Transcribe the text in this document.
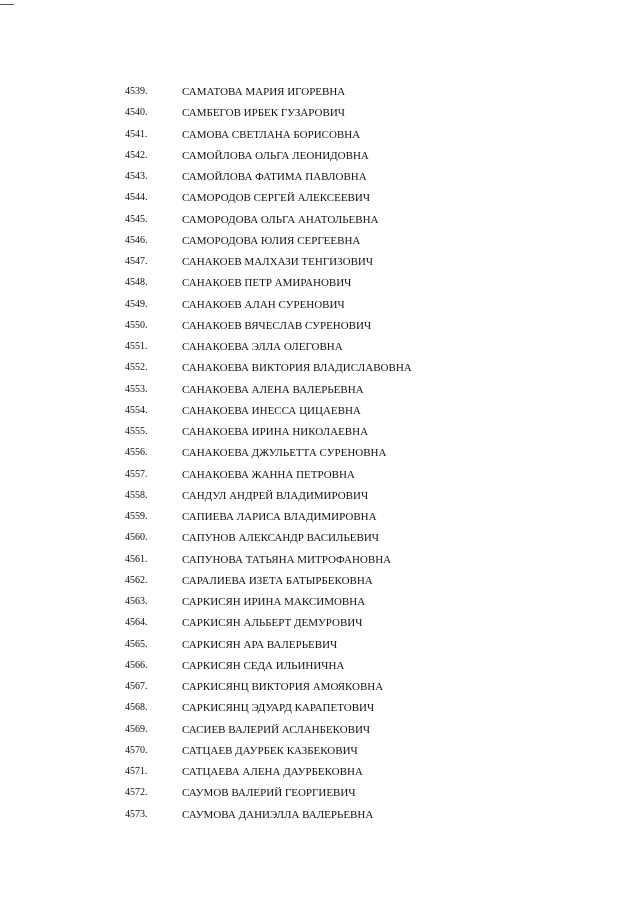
4539.	САМАТОВА МАРИЯ ИГОРЕВНА
4540.	САМБЕГОВ ИРБЕК ГУЗАРОВИЧ
4541.	САМОВА СВЕТЛАНА БОРИСОВНА
4542.	САМОЙЛОВА ОЛЬГА ЛЕОНИДОВНА
4543.	САМОЙЛОВА ФАТИМА ПАВЛОВНА
4544.	САМОРОДОВ СЕРГЕЙ АЛЕКСЕЕВИЧ
4545.	САМОРОДОВА ОЛЬГА АНАТОЛЬЕВНА
4546.	САМОРОДОВА ЮЛИЯ СЕРГЕЕВНА
4547.	САНАКОЕВ МАЛХАЗИ ТЕНГИЗОВИЧ
4548.	САНАКОЕВ ПЕТР АМИРАНОВИЧ
4549.	САНАКОЕВ АЛАН СУРЕНОВИЧ
4550.	САНАКОЕВ ВЯЧЕСЛАВ СУРЕНОВИЧ
4551.	САНАКОЕВА ЭЛЛА ОЛЕГОВНА
4552.	САНАКОЕВА ВИКТОРИЯ ВЛАДИСЛАВОВНА
4553.	САНАКОЕВА АЛЕНА ВАЛЕРЬЕВНА
4554.	САНАКОЕВА ИНЕССА ЦИЦАЕВНА
4555.	САНАКОЕВА ИРИНА НИКОЛАЕВНА
4556.	САНАКОЕВА ДЖУЛЬЕТТА СУРЕНОВНА
4557.	САНАКОЕВА ЖАННА ПЕТРОВНА
4558.	САНДУЛ АНДРЕЙ ВЛАДИМИРОВИЧ
4559.	САПИЕВА ЛАРИСА ВЛАДИМИРОВНА
4560.	САПУНОВ АЛЕКСАНДР ВАСИЛЬЕВИЧ
4561.	САПУНОВА ТАТЬЯНА МИТРОФАНОВНА
4562.	САРАЛИЕВА ИЗЕТА БАТЫРБЕКОВНА
4563.	САРКИСЯН ИРИНА МАКСИМОВНА
4564.	САРКИСЯН АЛЬБЕРТ ДЕМУРОВИЧ
4565.	САРКИСЯН АРА ВАЛЕРЬЕВИЧ
4566.	САРКИСЯН СЕДА ИЛЬИНИЧНА
4567.	САРКИСЯНЦ ВИКТОРИЯ АМОЯКОВНА
4568.	САРКИСЯНЦ ЭДУАРД КАРАПЕТОВИЧ
4569.	САСИЕВ ВАЛЕРИЙ АСЛАНБЕКОВИЧ
4570.	САТЦАЕВ ДАУРБЕК КАЗБЕКОВИЧ
4571.	САТЦАЕВА АЛЕНА ДАУРБЕКОВНА
4572.	САУМОВ ВАЛЕРИЙ ГЕОРГИЕВИЧ
4573.	САУМОВА ДАНИЭЛЛА ВАЛЕРЬЕВНА
